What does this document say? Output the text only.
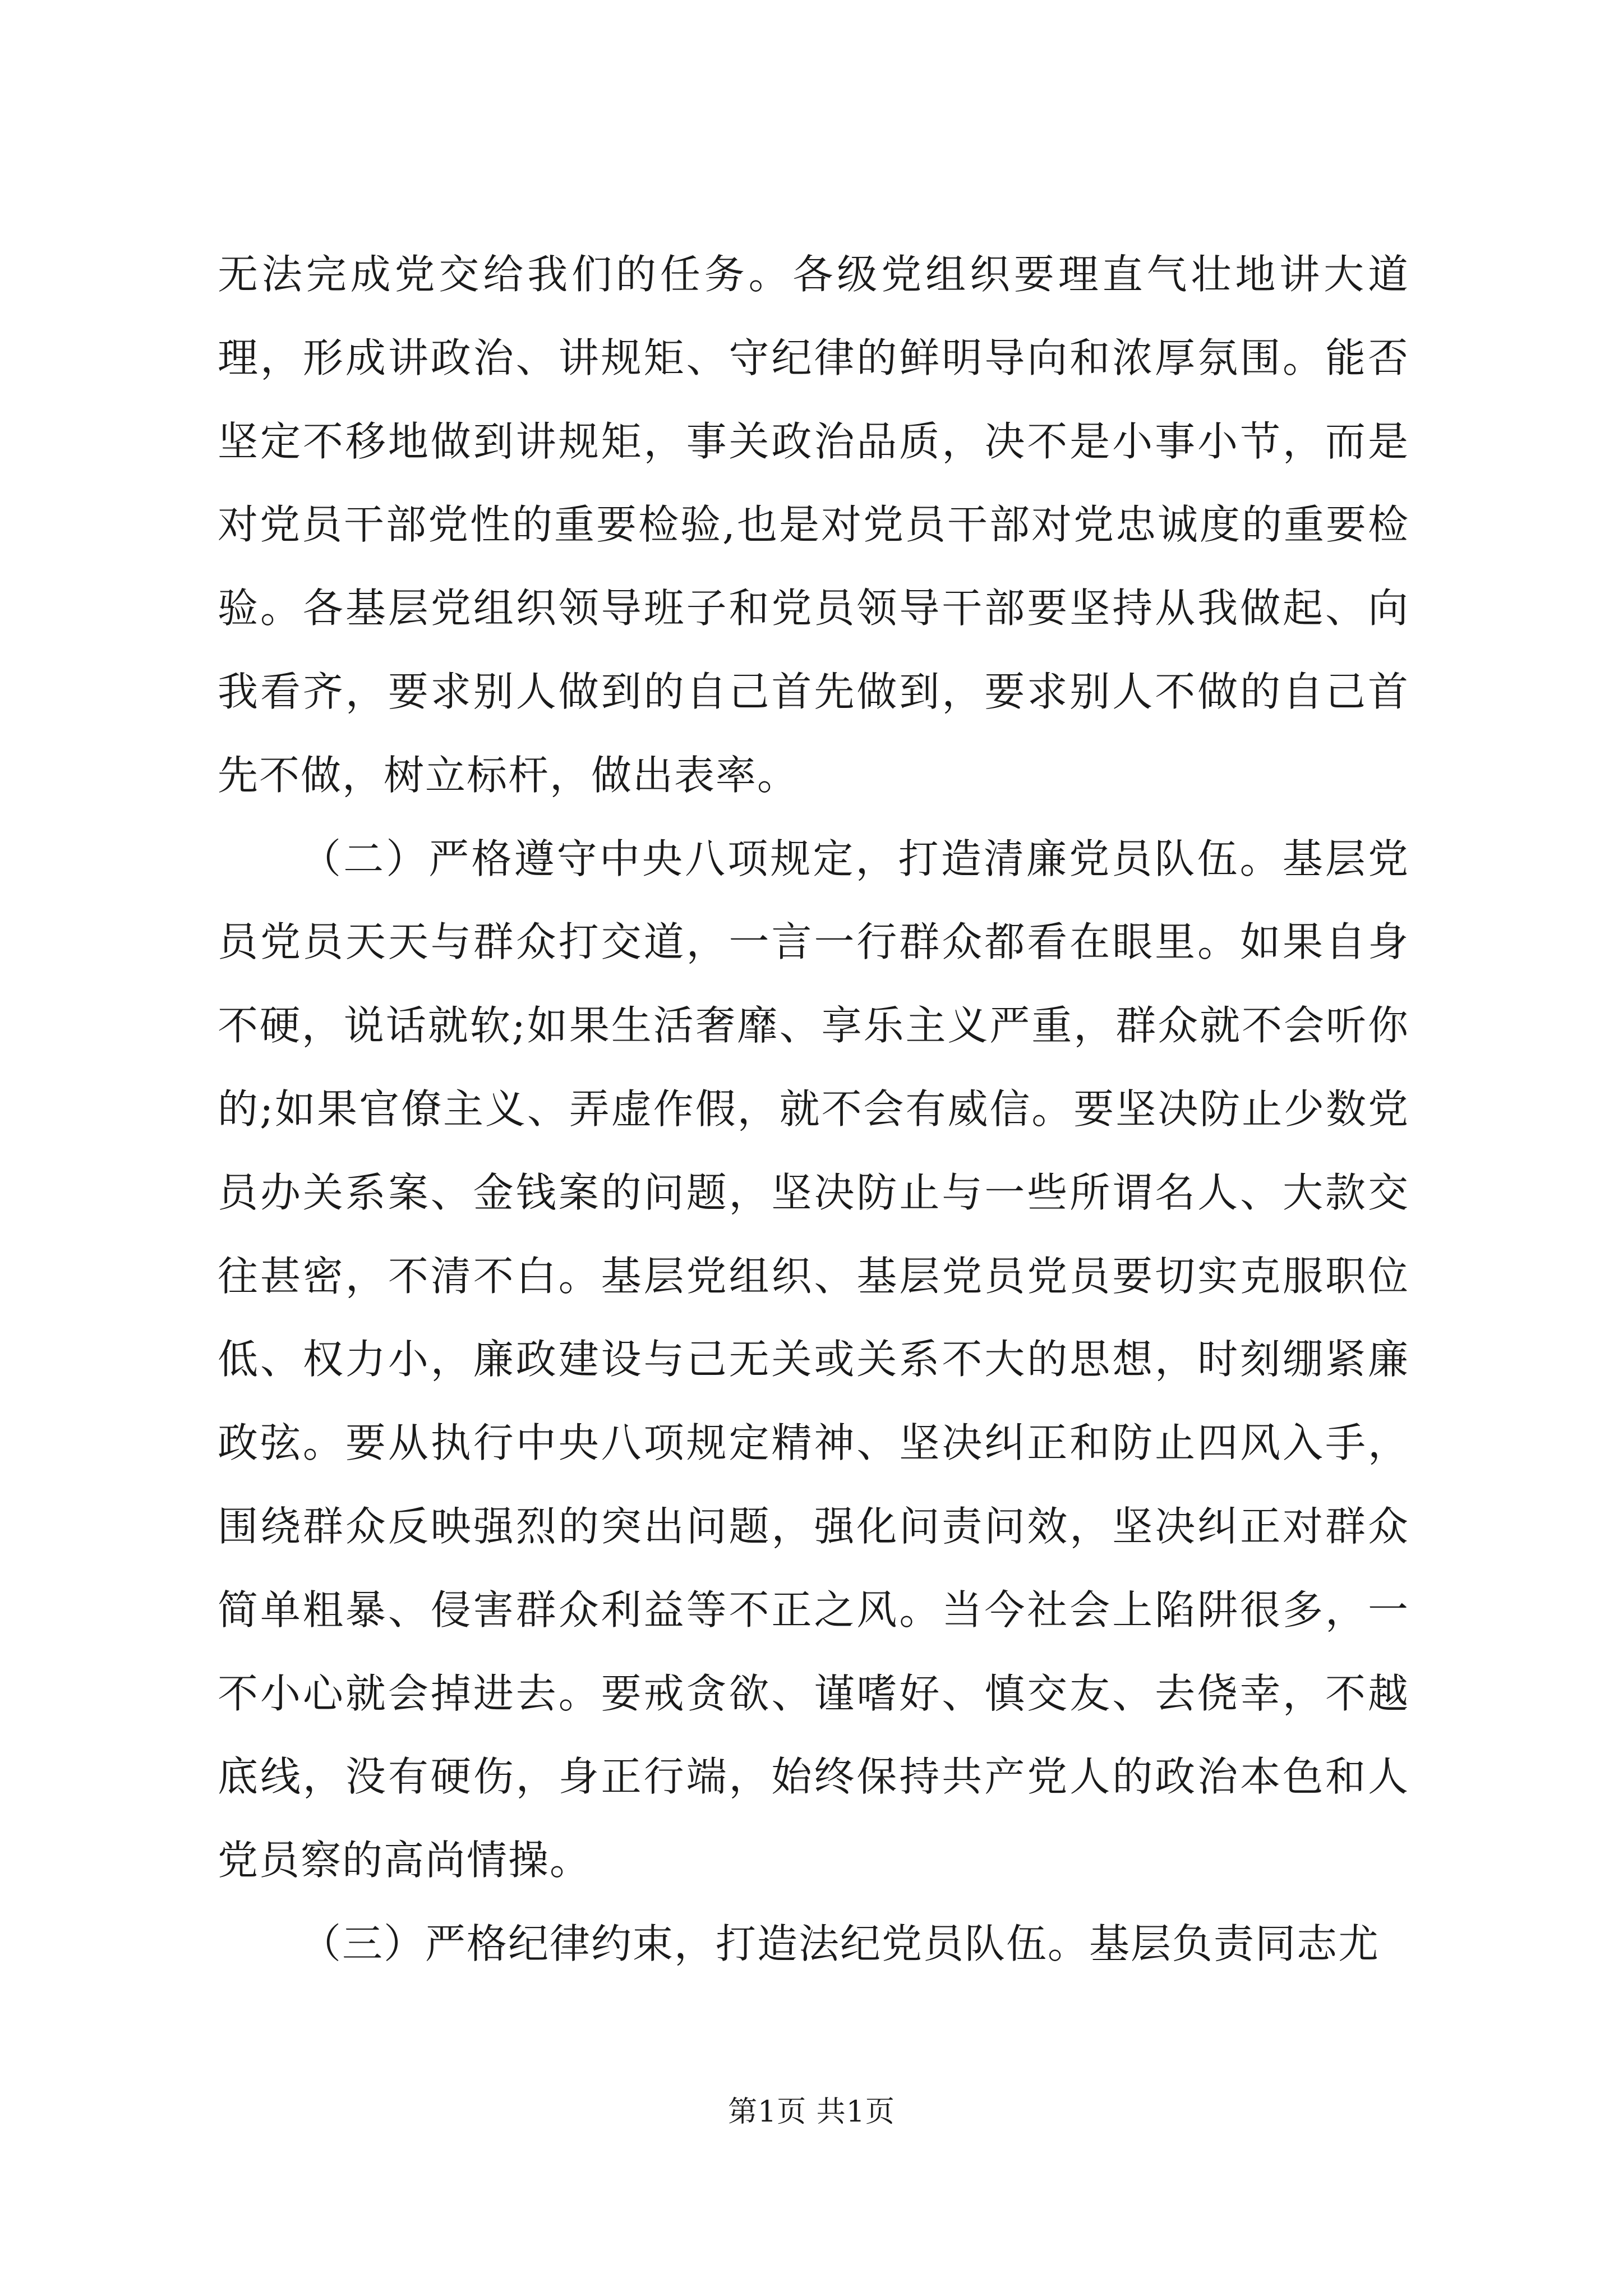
无法完成党交给我们的任务。各级党组织要理直气壮地讲大道理，形成讲政治、讲规矩、守纪律的鲜明导向和浓厚氛围。能否坚定不移地做到讲规矩，事关政治品质，决不是小事小节，而是对党员干部党性的重要检验,也是对党员干部对党忠诚度的重要检验。各基层党组织领导班子和党员领导干部要坚持从我做起、向我看齐，要求别人做到的自己首先做到，要求别人不做的自己首先不做，树立标杆，做出表率。

（二）严格遵守中央八项规定，打造清廉党员队伍。基层党员党员天天与群众打交道，一言一行群众都看在眼里。如果自身不硬，说话就软;如果生活奢靡、享乐主义严重，群众就不会听你的;如果官僚主义、弄虚作假，就不会有威信。要坚决防止少数党员办关系案、金钱案的问题，坚决防止与一些所谓名人、大款交往甚密，不清不白。基层党组织、基层党员党员要切实克服职位低、权力小，廉政建设与己无关或关系不大的思想，时刻绷紧廉政弦。要从执行中央八项规定精神、坚决纠正和防止四风入手，围绕群众反映强烈的突出问题，强化问责问效，坚决纠正对群众简单粗暴、侵害群众利益等不正之风。当今社会上陷阱很多，一不小心就会掉进去。要戒贪欲、谨嗜好、慎交友、去侥幸，不越底线，没有硬伤，身正行端，始终保持共产党人的政治本色和人党员察的高尚情操。

（三）严格纪律约束，打造法纪党员队伍。基层负责同志尤

第1页 共1页
